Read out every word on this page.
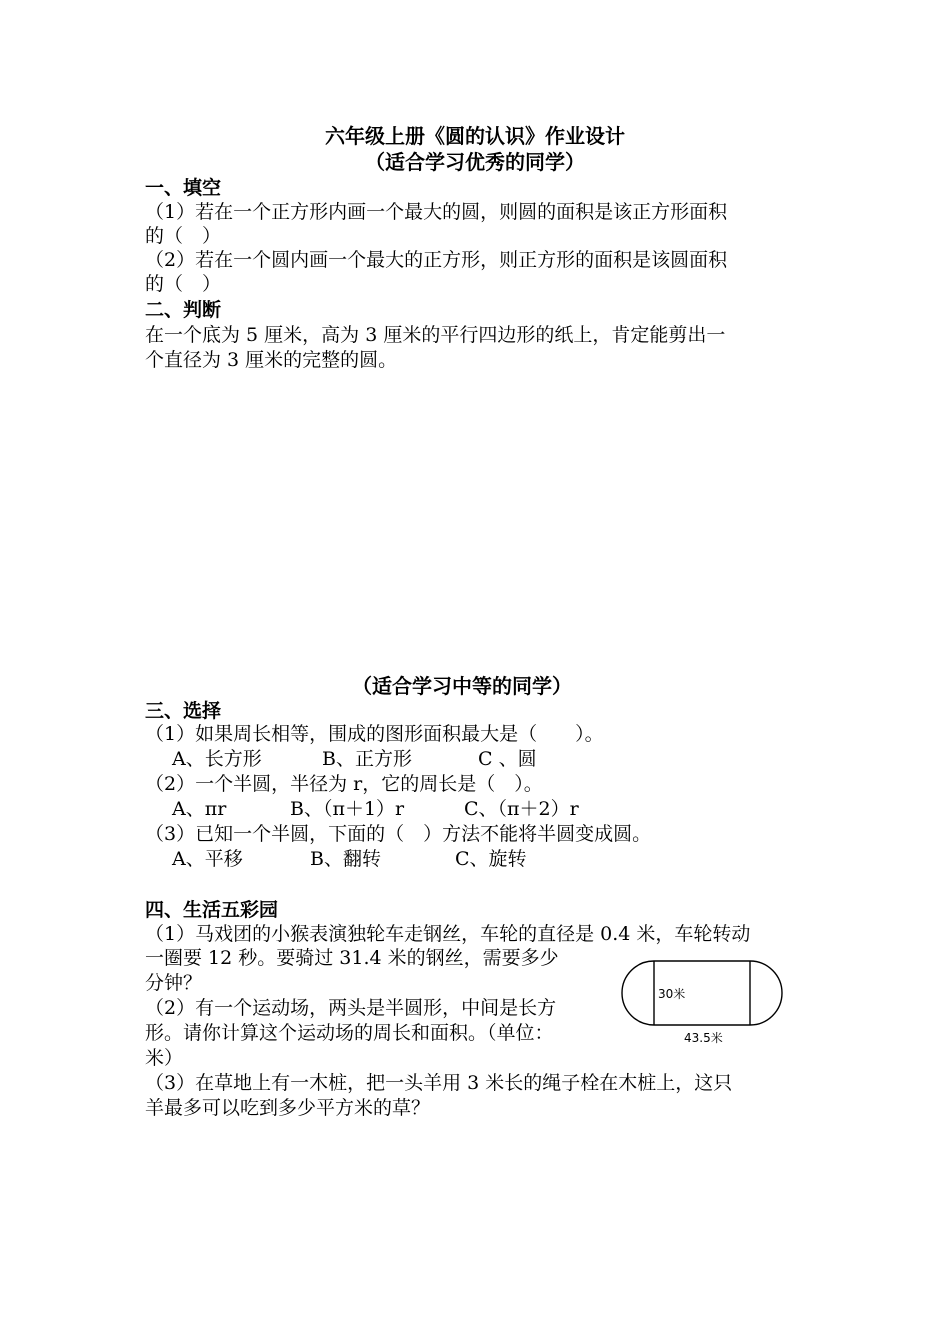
六年级上册《圆的认识》作业设计
（适合学习优秀的同学）
一、填空
（1）若在一个正方形内画一个最大的圆，则圆的面积是该正方形面积
的（　）
（2）若在一个圆内画一个最大的正方形，则正方形的面积是该圆面积
的（　）
二、判断
在一个底为 5 厘米，高为 3 厘米的平行四边形的纸上，肯定能剪出一
个直径为 3 厘米的完整的圆。
（适合学习中等的同学）
三、选择
（1）如果周长相等，围成的图形面积最大是（　　）。
A、长方形	B、正方形	C 、圆
（2）一个半圆，半径为 r，它的周长是（　）。
A、πr	B、（π＋1）r	C、（π＋2）r
（3）已知一个半圆，下面的（　）方法不能将半圆变成圆。
A、平移	B、翻转	C、旋转
四、生活五彩园
（1）马戏团的小猴表演独轮车走钢丝，车轮的直径是 0.4 米，车轮转动
一圈要 12 秒。要骑过 31.4 米的钢丝，需要多少
分钟？
（2）有一个运动场，两头是半圆形，中间是长方
形。请你计算这个运动场的周长和面积。（单位：
米）
（3）在草地上有一木桩，把一头羊用 3 米长的绳子栓在木桩上，这只
羊最多可以吃到多少平方米的草？
30米
43.5米
